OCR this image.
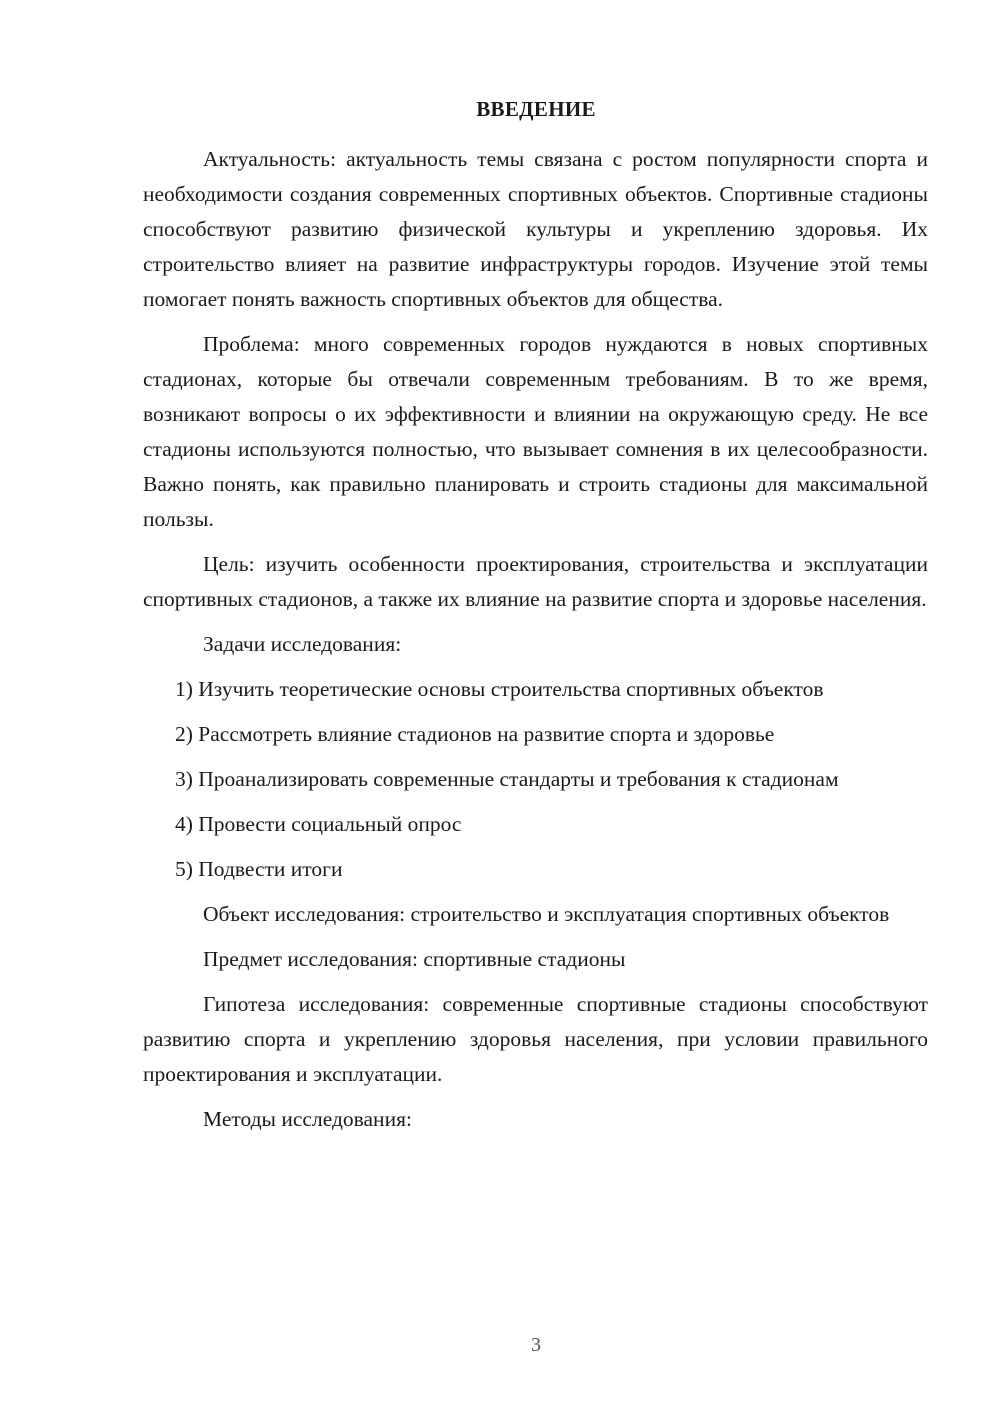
ВВЕДЕНИЕ

Актуальность: актуальность темы связана с ростом популярности спорта и необходимости создания современных спортивных объектов. Спортивные стадионы способствуют развитию физической культуры и укреплению здоровья. Их строительство влияет на развитие инфраструктуры городов. Изучение этой темы помогает понять важность спортивных объектов для общества.

Проблема: много современных городов нуждаются в новых спортивных стадионах, которые бы отвечали современным требованиям. В то же время, возникают вопросы о их эффективности и влиянии на окружающую среду. Не все стадионы используются полностью, что вызывает сомнения в их целесообразности. Важно понять, как правильно планировать и строить стадионы для максимальной пользы.

Цель: изучить особенности проектирования, строительства и эксплуатации спортивных стадионов, а также их влияние на развитие спорта и здоровье населения.

Задачи исследования:

1) Изучить теоретические основы строительства спортивных объектов

2) Рассмотреть влияние стадионов на развитие спорта и здоровье

3) Проанализировать современные стандарты и требования к стадионам

4) Провести социальный опрос

5) Подвести итоги

Объект исследования: строительство и эксплуатация спортивных объектов

Предмет исследования: спортивные стадионы

Гипотеза исследования: современные спортивные стадионы способствуют развитию спорта и укреплению здоровья населения, при условии правильного проектирования и эксплуатации.

Методы исследования:

3
